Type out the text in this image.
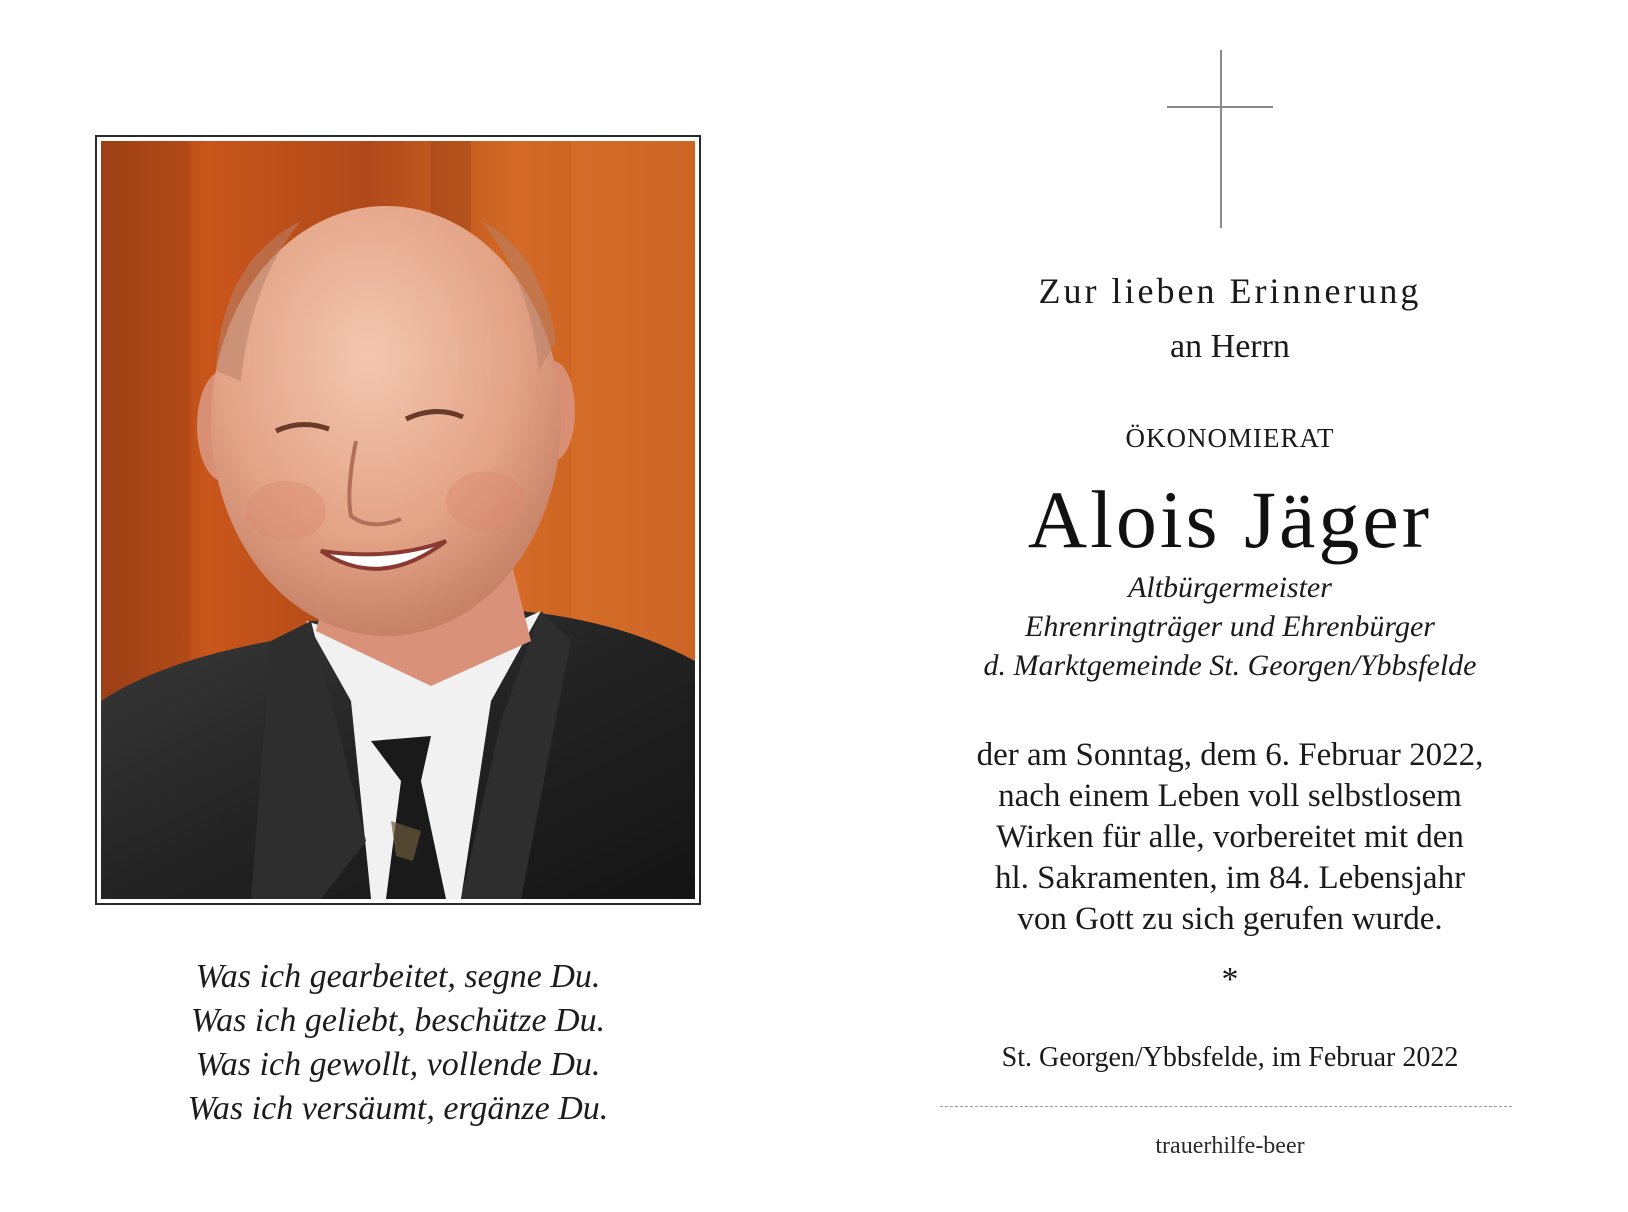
Was ich gearbeitet, segne Du.
Was ich geliebt, beschütze Du.
Was ich gewollt, vollende Du.
Was ich versäumt, ergänze Du.
Zur lieben Erinnerung
an Herrn
ÖKONOMIERAT
Alois Jäger
Altbürgermeister
Ehrenringträger und Ehrenbürger
d. Marktgemeinde St. Georgen/Ybbsfelde
der am Sonntag, dem 6. Februar 2022,
nach einem Leben voll selbstlosem
Wirken für alle, vorbereitet mit den
hl. Sakramenten, im 84. Lebensjahr
von Gott zu sich gerufen wurde.
*
St. Georgen/Ybbsfelde, im Februar 2022
trauerhilfe-beer
